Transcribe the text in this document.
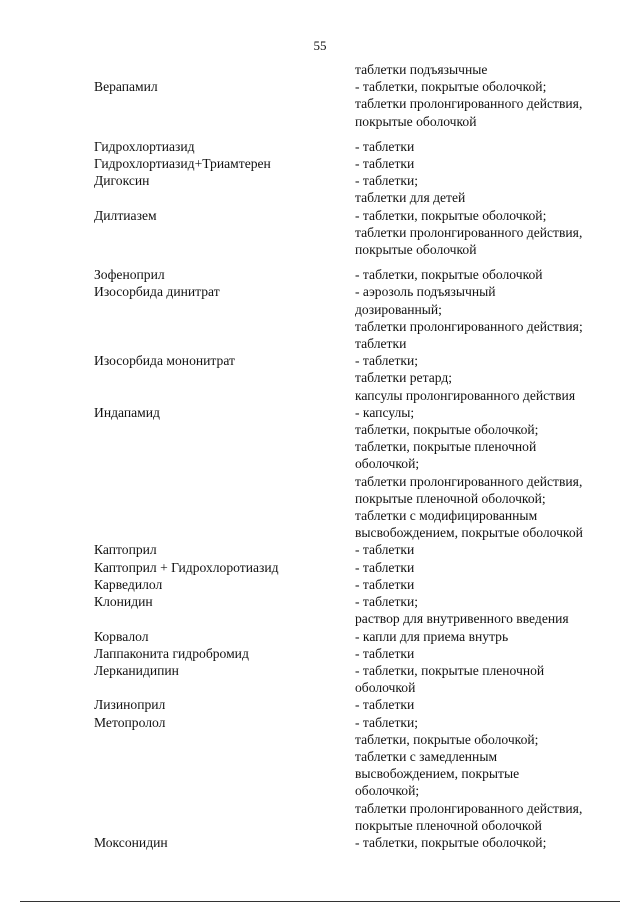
55
таблетки подъязычные
Верапамил	- таблетки, покрытые оболочкой;
таблетки пролонгированного действия,
покрытые оболочкой
Гидрохлортиазид	- таблетки
Гидрохлортиазид+Триамтерен	- таблетки
Дигоксин	- таблетки;
таблетки для детей
Дилтиазем	- таблетки, покрытые оболочкой;
таблетки пролонгированного действия,
покрытые оболочкой
Зофеноприл	- таблетки, покрытые оболочкой
Изосорбида динитрат	- аэрозоль подъязычный
дозированный;
таблетки пролонгированного действия;
таблетки
Изосорбида мононитрат	- таблетки;
таблетки ретард;
капсулы пролонгированного действия
Индапамид	- капсулы;
таблетки, покрытые оболочкой;
таблетки, покрытые пленочной
оболочкой;
таблетки пролонгированного действия,
покрытые пленочной оболочкой;
таблетки с модифицированным
высвобождением, покрытые оболочкой
Каптоприл	- таблетки
Каптоприл + Гидрохлоротиазид	- таблетки
Карведилол	- таблетки
Клонидин	- таблетки;
раствор для внутривенного введения
Корвалол	- капли для приема внутрь
Лаппаконита гидробромид	- таблетки
Лерканидипин	- таблетки, покрытые пленочной
оболочкой
Лизиноприл	- таблетки
Метопролол	- таблетки;
таблетки, покрытые оболочкой;
таблетки с замедленным
высвобождением, покрытые
оболочкой;
таблетки пролонгированного действия,
покрытые пленочной оболочкой
Моксонидин	- таблетки, покрытые оболочкой;
